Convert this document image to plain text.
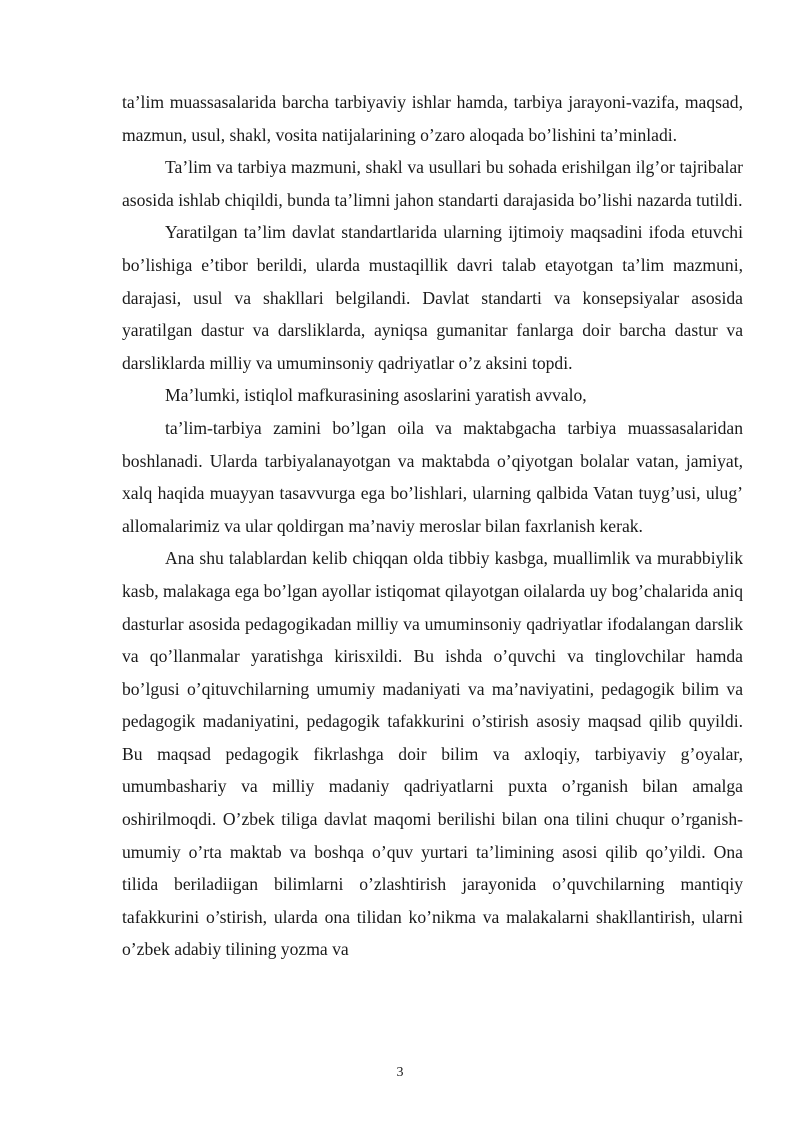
ta’lim muassasalarida barcha tarbiyaviy ishlar hamda, tarbiya jarayoni-vazifa, maqsad, mazmun, usul, shakl, vosita natijalarining o’zaro aloqada bo’lishini ta’minladi.

Ta’lim va tarbiya mazmuni, shakl va usullari bu sohada erishilgan ilg’or tajribalar asosida ishlab chiqildi, bunda ta’limni jahon standarti darajasida bo’lishi nazarda tutildi.

Yaratilgan ta’lim davlat standartlarida ularning ijtimoiy maqsadini ifoda etuvchi bo’lishiga e’tibor berildi, ularda mustaqillik davri talab etayotgan ta’lim mazmuni, darajasi, usul va shakllari belgilandi. Davlat standarti va konsepsiyalar asosida yaratilgan dastur va darsliklarda, ayniqsa gumanitar fanlarga doir barcha dastur va darsliklarda milliy va umuminsoniy qadriyatlar o’z aksini topdi.

Ma’lumki, istiqlol mafkurasining asoslarini yaratish avvalo,

ta’lim-tarbiya zamini bo’lgan oila va maktabgacha tarbiya muassasalaridan boshlanadi. Ularda tarbiyalanayotgan va maktabda o’qiyotgan bolalar vatan, jamiyat, xalq haqida muayyan tasavvurga ega bo’lishlari, ularning qalbida Vatan tuyg’usi, ulug’ allomalarimiz va ular qoldirgan ma’naviy meroslar bilan faxrlanish kerak.

Ana shu talablardan kelib chiqqan olda tibbiy kasbga, muallimlik va murabbiylik kasb, malakaga ega bo’lgan ayollar istiqomat qilayotgan oilalarda uy bog’chalarida aniq dasturlar asosida pedagogikadan milliy va umuminsoniy qadriyatlar ifodalangan darslik va qo’llanmalar yaratishga kirisxildi. Bu ishda o’quvchi va tinglovchilar hamda bo’lgusi o’qituvchilarning umumiy madaniyati va ma’naviyatini, pedagogik bilim va pedagogik madaniyatini, pedagogik tafakkurini o’stirish asosiy maqsad qilib quyildi. Bu maqsad pedagogik fikrlashga doir bilim va axloqiy, tarbiyaviy g’oyalar, umumbashariy va milliy madaniy qadriyatlarni puxta o’rganish bilan amalga oshirilmoqdi. O’zbek tiliga davlat maqomi berilishi bilan ona tilini chuqur o’rganish-umumiy o’rta maktab va boshqa o’quv yurtari ta’limining asosi qilib qo’yildi. Ona tilida beriladiigan bilimlarni o’zlashtirish jarayonida o’quvchilarning mantiqiy tafakkurini o’stirish, ularda ona tilidan ko’nikma va malakalarni shakllantirish, ularni o’zbek adabiy tilining yozma va

3
